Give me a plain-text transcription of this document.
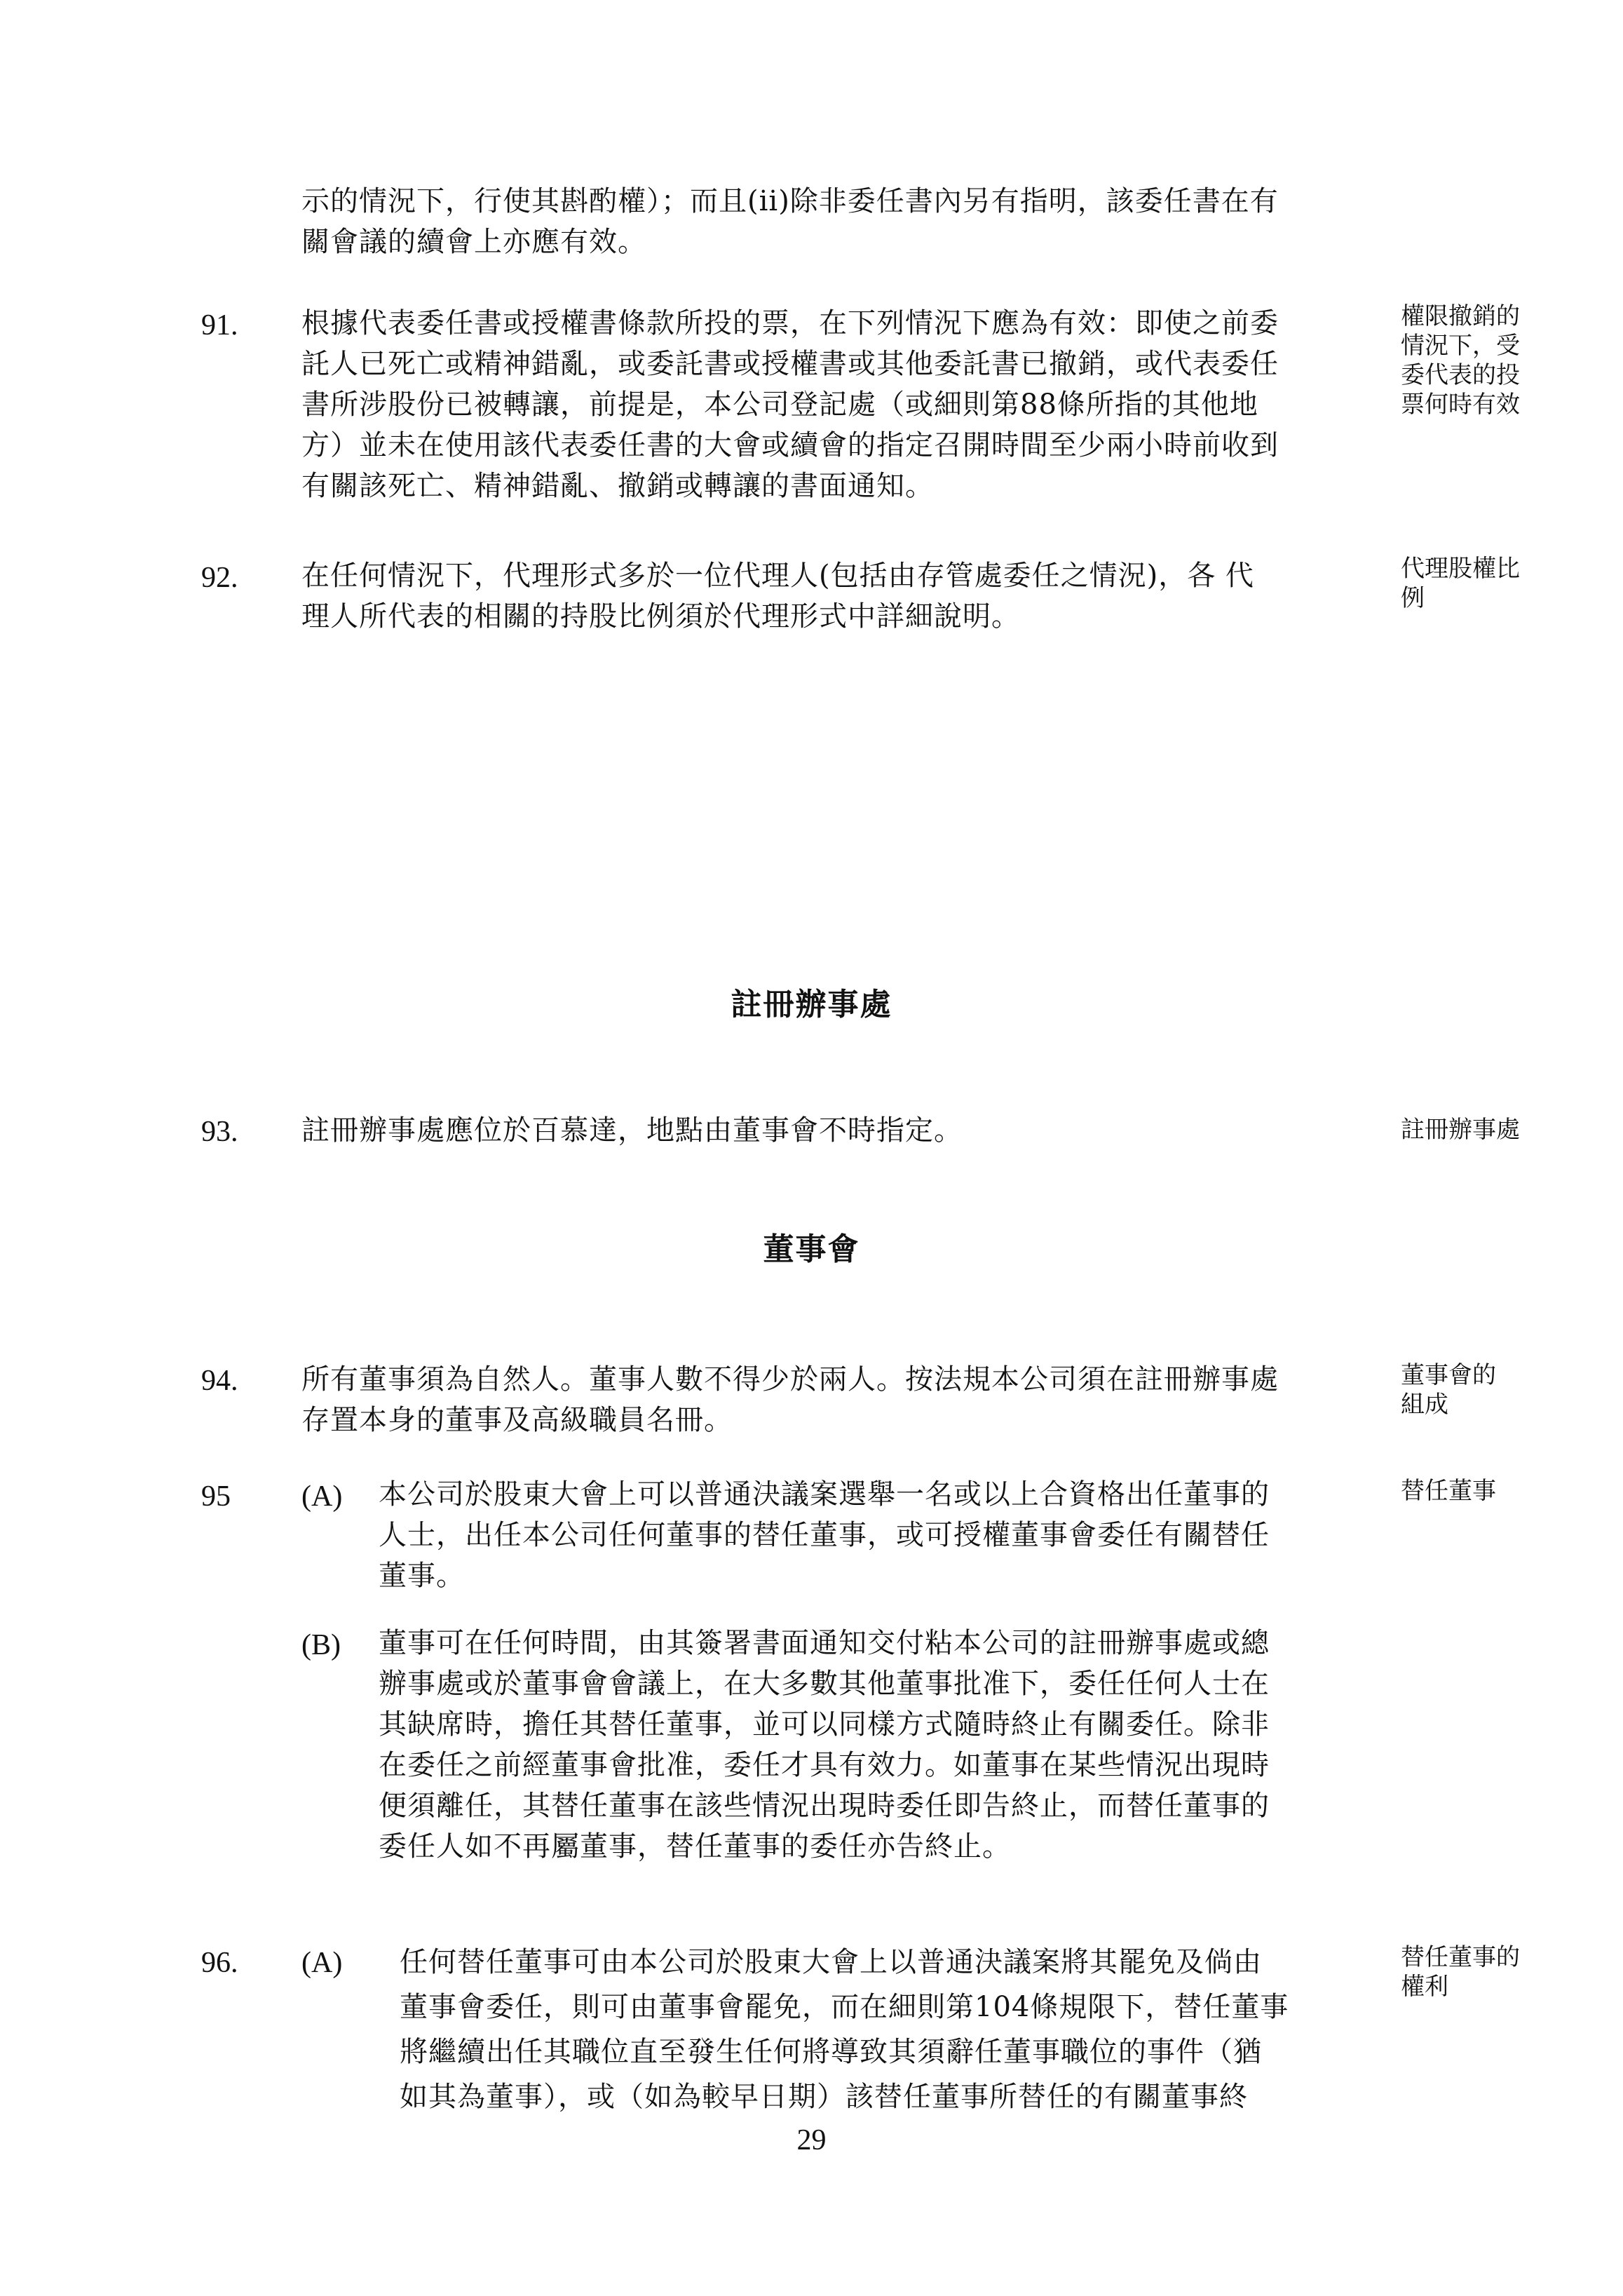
示的情況下，行使其斟酌權）；而且(ii)除非委任書內另有指明，該委任書在有
關會議的續會上亦應有效。
91. 根據代表委任書或授權書條款所投的票，在下列情況下應為有效：即使之前委
託人已死亡或精神錯亂，或委託書或授權書或其他委託書已撤銷，或代表委任
書所涉股份已被轉讓，前提是，本公司登記處（或細則第88條所指的其他地
方）並未在使用該代表委任書的大會或續會的指定召開時間至少兩小時前收到
有關該死亡、精神錯亂、撤銷或轉讓的書面通知。
權限撤銷的
情況下，受
委代表的投
票何時有效
92. 在任何情況下，代理形式多於一位代理人(包括由存管處委任之情況)，各 代
理人所代表的相關的持股比例須於代理形式中詳細說明。
代理股權比
例
註冊辦事處
93. 註冊辦事處應位於百慕達，地點由董事會不時指定。	註冊辦事處
董事會
94. 所有董事須為自然人。董事人數不得少於兩人。按法規本公司須在註冊辦事處
存置本身的董事及高級職員名冊。
董事會的
組成
95 (A) 本公司於股東大會上可以普通決議案選舉一名或以上合資格出任董事的
人士，出任本公司任何董事的替任董事，或可授權董事會委任有關替任
董事。
替任董事
(B) 董事可在任何時間，由其簽署書面通知交付粘本公司的註冊辦事處或總
辦事處或於董事會會議上，在大多數其他董事批准下，委任任何人士在
其缺席時，擔任其替任董事，並可以同樣方式隨時終止有關委任。除非
在委任之前經董事會批准，委任才具有效力。如董事在某些情況出現時
便須離任，其替任董事在該些情況出現時委任即告終止，而替任董事的
委任人如不再屬董事，替任董事的委任亦告終止。
96. (A) 任何替任董事可由本公司於股東大會上以普通決議案將其罷免及倘由
董事會委任，則可由董事會罷免，而在細則第104條規限下，替任董事
將繼續出任其職位直至發生任何將導致其須辭任董事職位的事件（猶
如其為董事），或（如為較早日期）該替任董事所替任的有關董事終
替任董事的
權利
29
